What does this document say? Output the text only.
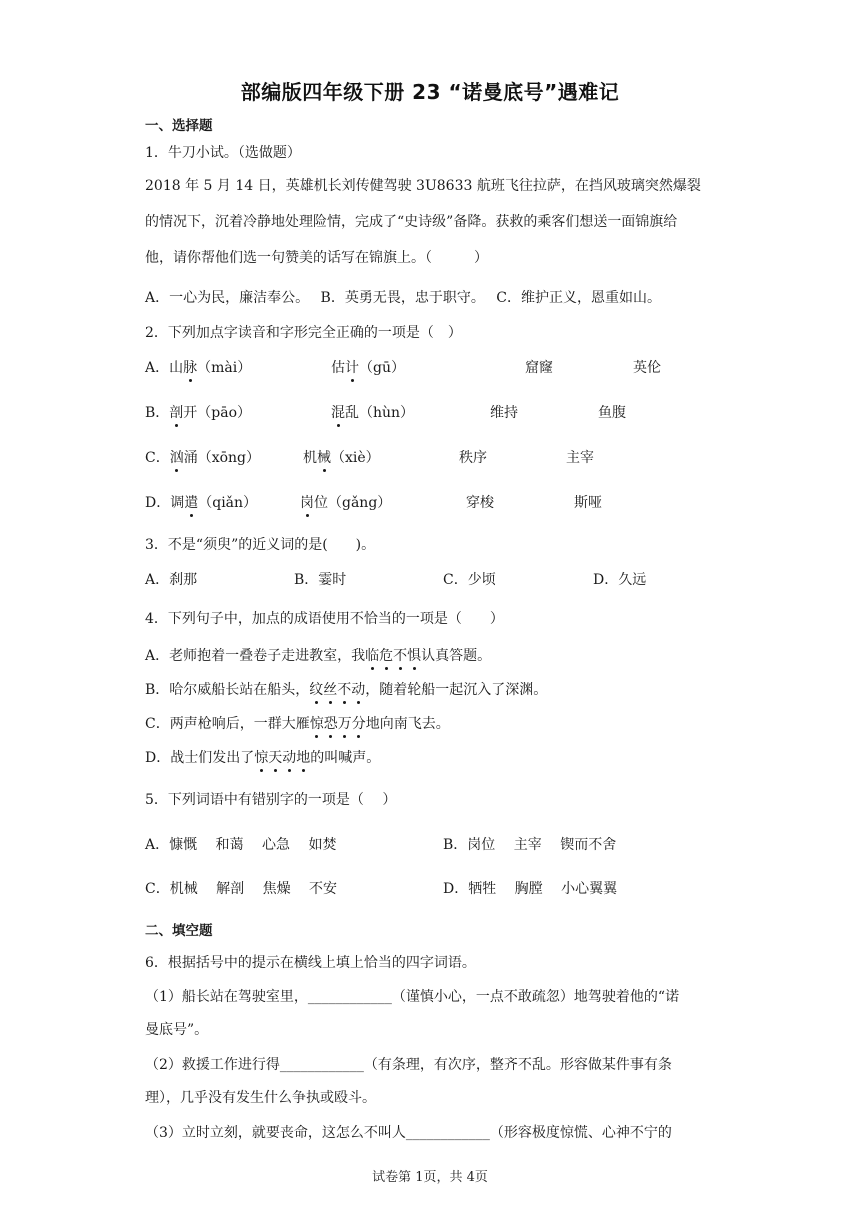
部编版四年级下册 23 “诺曼底号”遇难记
一、选择题
1．牛刀小试。（选做题）
2018 年 5 月 14 日，英雄机长刘传健驾驶 3U8633 航班飞往拉萨，在挡风玻璃突然爆裂
的情况下，沉着冷静地处理险情，完成了“史诗级”备降。获救的乘客们想送一面锦旗给
他，请你帮他们选一句赞美的话写在锦旗上。（　　　）
A．一心为民，廉洁奉公。　 B．英勇无畏，忠于职守。　 C．维护正义，恩重如山。
2．下列加点字读音和字形完全正确的一项是（　）
A．山脉（mài）	估计（gū）	窟窿	英伦
B．剖开（pāo）	混乱（hùn）	维持	鱼腹
C．汹涌（xōng）	机械（xiè）	秩序	主宰
D．调遣（qiǎn）	岗位（gǎng）	穿梭	斯哑
3．不是“须臾”的近义词的是(　　)。
A．刹那	B．霎时	C．少顷	D．久远
4．下列句子中，加点的成语使用不恰当的一项是（　　）
A．老师抱着一叠卷子走进教室，我临危不惧认真答题。
B．哈尔威船长站在船头，纹丝不动，随着轮船一起沉入了深渊。
C．两声枪响后，一群大雁惊恐万分地向南飞去。
D．战士们发出了惊天动地的叫喊声。
5．下列词语中有错别字的一项是（　 ）
A．慷慨　 和蔼　 心急　 如焚	B．岗位　 主宰　 锲而不舍
C．机械　 解剖　 焦燥　 不安	D．牺牲　 胸膛　 小心翼翼
二、填空题
6．根据括号中的提示在横线上填上恰当的四字词语。
（1）船长站在驾驶室里，____________（谨慎小心，一点不敢疏忽）地驾驶着他的“诺
曼底号”。
（2）救援工作进行得____________（有条理，有次序，整齐不乱。形容做某件事有条
理），几乎没有发生什么争执或殴斗。
（3）立时立刻，就要丧命，这怎么不叫人____________（形容极度惊慌、心神不宁的
试卷第 1页，共 4页
